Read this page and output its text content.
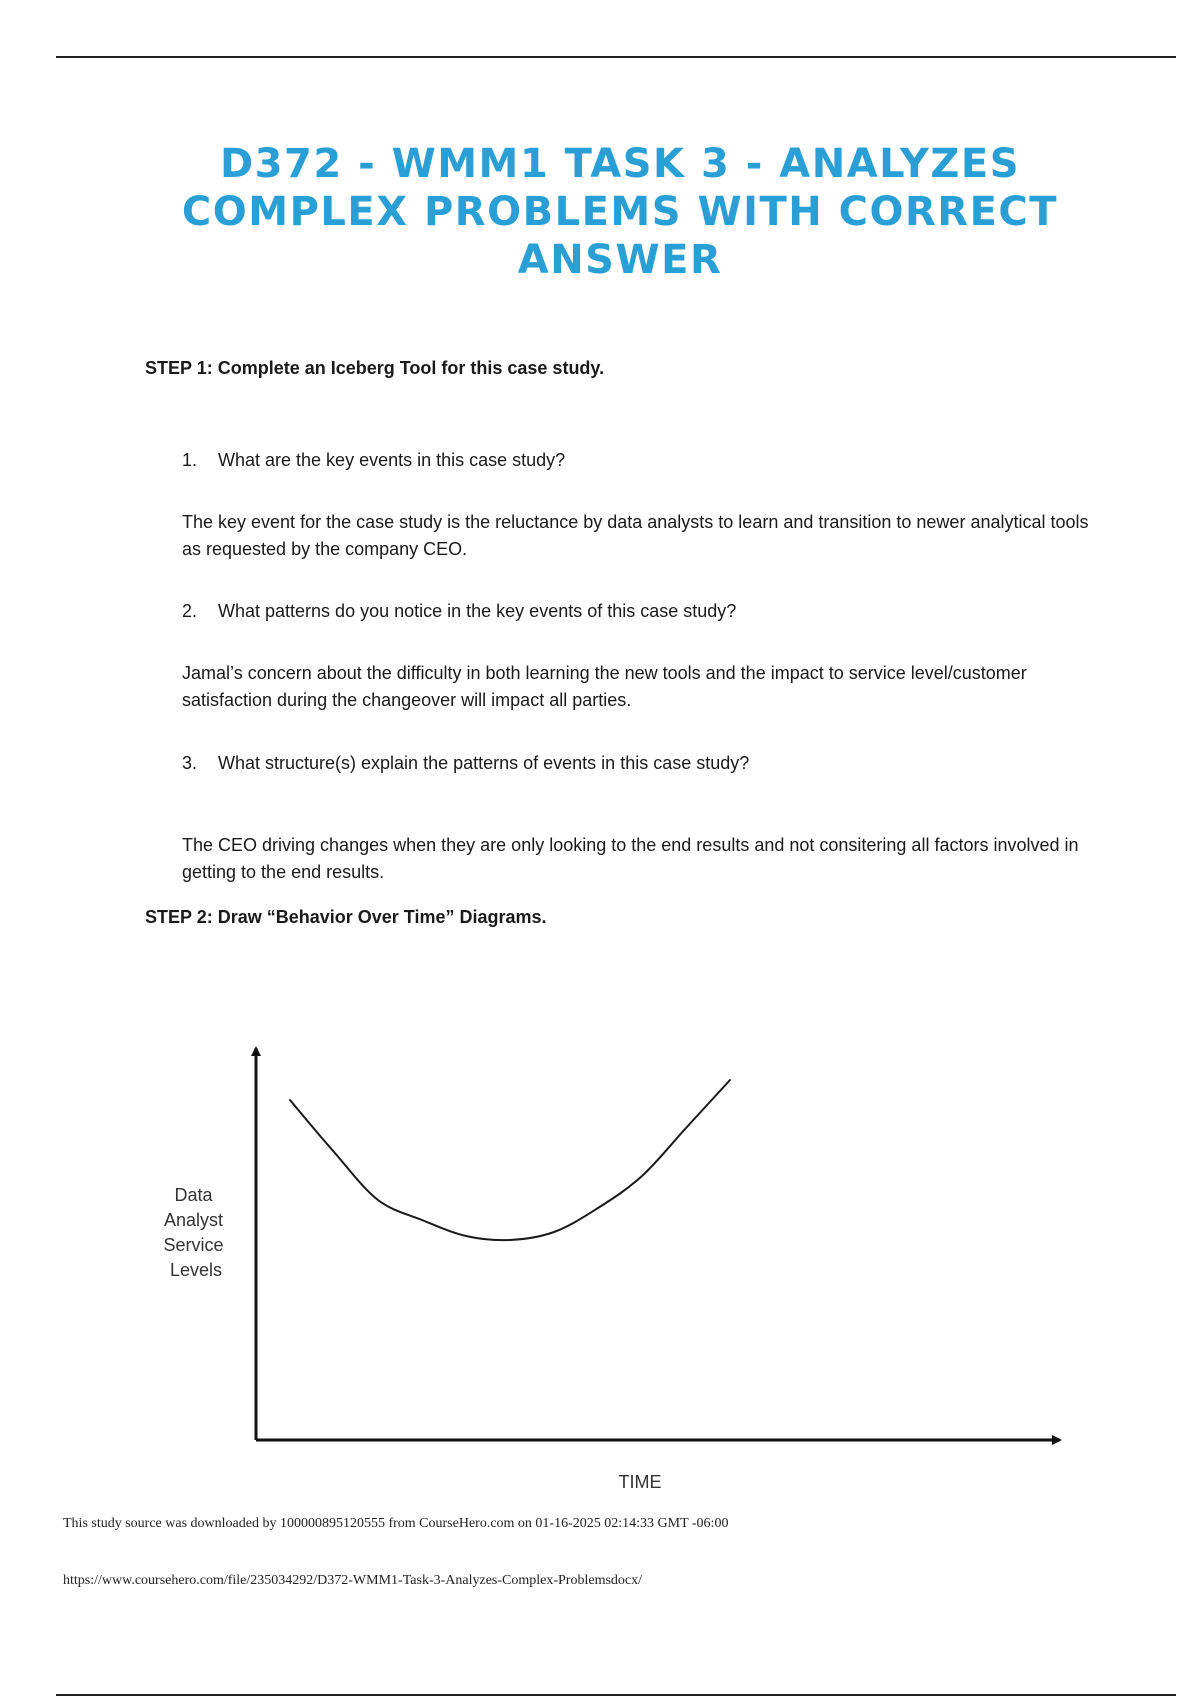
D372 - WMM1 TASK 3 - ANALYZES
COMPLEX PROBLEMS WITH CORRECT
ANSWER

STEP 1: Complete an Iceberg Tool for this case study.

1. What are the key events in this case study?

The key event for the case study is the reluctance by data analysts to learn and transition to newer analytical tools as requested by the company CEO.

2. What patterns do you notice in the key events of this case study?

Jamal’s concern about the difficulty in both learning the new tools and the impact to service level/customer satisfaction during the changeover will impact all parties.

3. What structure(s) explain the patterns of events in this case study?

The CEO driving changes when they are only looking to the end results and not consitering all factors involved in getting to the end results.

STEP 2: Draw “Behavior Over Time” Diagrams.

Data Analyst Service Levels
TIME

This study source was downloaded by 100000895120555 from CourseHero.com on 01-16-2025 02:14:33 GMT -06:00

https://www.coursehero.com/file/235034292/D372-WMM1-Task-3-Analyzes-Complex-Problemsdocx/
